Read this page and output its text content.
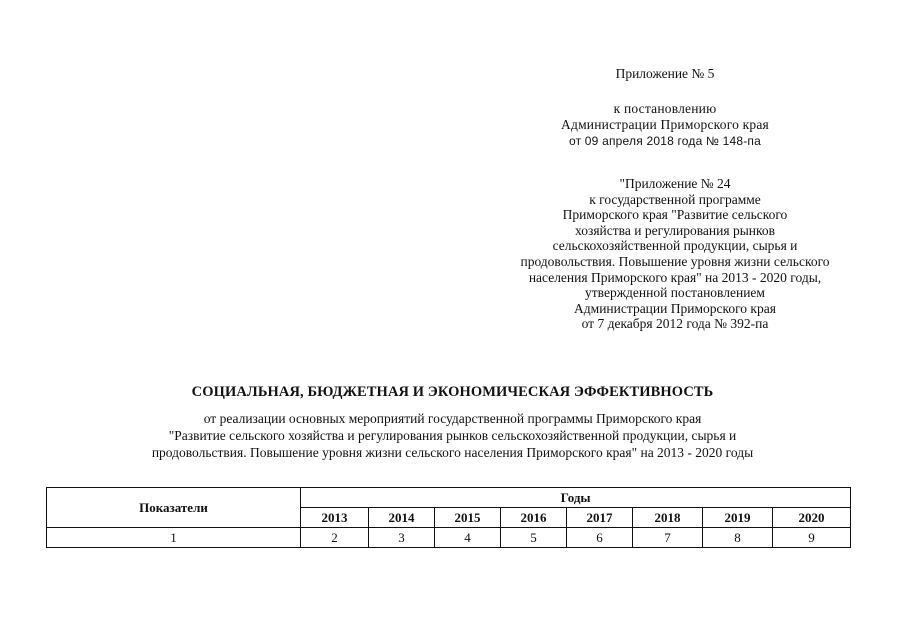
Приложение № 5
к постановлению
Администрации Приморского края
от 09 апреля 2018 года № 148-па
"Приложение № 24
к государственной программе
Приморского края "Развитие сельского
хозяйства и регулирования рынков
сельскохозяйственной продукции, сырья и
продовольствия. Повышение уровня жизни сельского
населения Приморского края" на 2013 - 2020 годы,
утвержденной постановлением
Администрации Приморского края
от 7 декабря 2012 года № 392-па
СОЦИАЛЬНАЯ, БЮДЖЕТНАЯ И ЭКОНОМИЧЕСКАЯ ЭФФЕКТИВНОСТЬ
от реализации основных мероприятий государственной программы Приморского края
"Развитие сельского хозяйства и регулирования рынков сельскохозяйственной продукции, сырья и
продовольствия. Повышение уровня жизни сельского населения Приморского края" на 2013 - 2020 годы
Показатели	Годы							
	2013	2014	2015	2016	2017	2018	2019	2020
1	2	3	4	5	6	7	8	9
